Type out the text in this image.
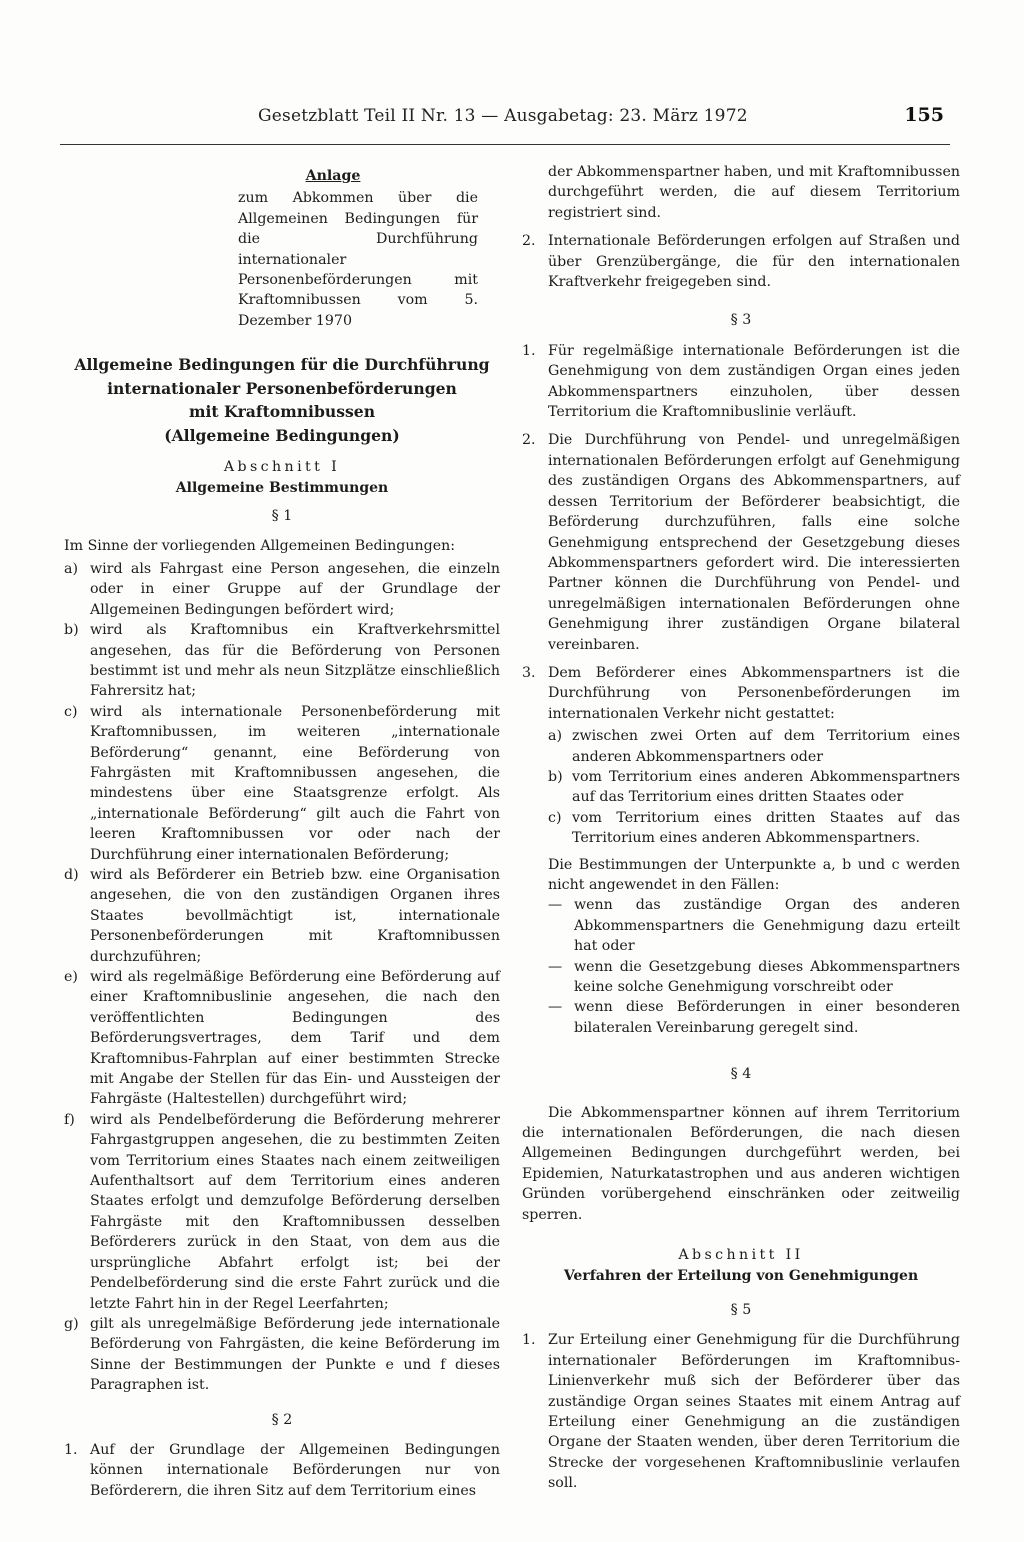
Gesetzblatt Teil II Nr. 13 — Ausgabetag: 23. März 1972	155

Anlage

zum Abkommen über die Allgemeinen Bedingungen für die Durchführung internationaler Personenbeförderungen mit Kraftomnibussen vom 5. Dezember 1970

Allgemeine Bedingungen für die Durchführung
internationaler Personenbeförderungen
mit Kraftomnibussen
(Allgemeine Bedingungen)

Abschnitt I

Allgemeine Bestimmungen

§ 1

Im Sinne der vorliegenden Allgemeinen Bedingungen:

a) wird als Fahrgast eine Person angesehen, die einzeln oder in einer Gruppe auf der Grundlage der Allgemeinen Bedingungen befördert wird;
b) wird als Kraftomnibus ein Kraftverkehrsmittel angesehen, das für die Beförderung von Personen bestimmt ist und mehr als neun Sitzplätze einschließlich Fahrersitz hat;
c) wird als internationale Personenbeförderung mit Kraftomnibussen, im weiteren „internationale Beförderung“ genannt, eine Beförderung von Fahrgästen mit Kraftomnibussen angesehen, die mindestens über eine Staatsgrenze erfolgt. Als „internationale Beförderung“ gilt auch die Fahrt von leeren Kraftomnibussen vor oder nach der Durchführung einer internationalen Beförderung;
d) wird als Beförderer ein Betrieb bzw. eine Organisation angesehen, die von den zuständigen Organen ihres Staates bevollmächtigt ist, internationale Personenbeförderungen mit Kraftomnibussen durchzuführen;
e) wird als regelmäßige Beförderung eine Beförderung auf einer Kraftomnibuslinie angesehen, die nach den veröffentlichten Bedingungen des Beförderungsvertrages, dem Tarif und dem Kraftomnibus-Fahrplan auf einer bestimmten Strecke mit Angabe der Stellen für das Ein- und Aussteigen der Fahrgäste (Haltestellen) durchgeführt wird;
f)	wird als Pendelbeförderung die Beförderung mehrerer Fahrgastgruppen angesehen, die zu bestimmten Zeiten vom Territorium eines Staates nach einem zeitweiligen Aufenthaltsort auf dem Territorium eines anderen Staates erfolgt und demzufolge Beförderung derselben Fahrgäste mit den Kraftomnibussen desselben Beförderers zurück in den Staat, von dem aus die ursprüngliche Abfahrt erfolgt ist; bei der Pendelbeförderung sind die erste Fahrt zurück und die letzte Fahrt hin in der Regel Leerfahrten;
g) gilt als unregelmäßige Beförderung jede internationale Beförderung von Fahrgästen, die keine Beförderung im Sinne der Bestimmungen der Punkte e und f dieses Paragraphen ist.

§ 2

1. Auf der Grundlage der Allgemeinen Bedingungen können internationale Beförderungen nur von Beförderern, die ihren Sitz auf dem Territorium eines

der Abkommenspartner haben, und mit Kraftomnibussen durchgeführt werden, die auf diesem Territorium registriert sind.

2. Internationale Beförderungen erfolgen auf Straßen und über Grenzübergänge, die für den internationalen Kraftverkehr freigegeben sind.

§ 3

1. Für regelmäßige internationale Beförderungen ist die Genehmigung von dem zuständigen Organ eines jeden Abkommenspartners einzuholen, über dessen Territorium die Kraftomnibuslinie verläuft.
2. Die Durchführung von Pendel- und unregelmäßigen internationalen Beförderungen erfolgt auf Genehmigung des zuständigen Organs des Abkommenspartners, auf dessen Territorium der Beförderer beabsichtigt, die Beförderung durchzuführen, falls eine solche Genehmigung entsprechend der Gesetzgebung dieses Abkommenspartners gefordert wird. Die interessierten Partner können die Durchführung von Pendel- und unregelmäßigen internationalen Beförderungen ohne Genehmigung ihrer zuständigen Organe bilateral vereinbaren.
3. Dem Beförderer eines Abkommenspartners ist die Durchführung von Personenbeförderungen im internationalen Verkehr nicht gestattet:
a) zwischen zwei Orten auf dem Territorium eines anderen Abkommenspartners oder
b) vom Territorium eines anderen Abkommenspartners auf das Territorium eines dritten Staates oder
c) vom Territorium eines dritten Staates auf das Territorium eines anderen Abkommenspartners.

Die Bestimmungen der Unterpunkte a, b und c werden nicht angewendet in den Fällen:

— wenn das zuständige Organ des anderen Abkommenspartners die Genehmigung dazu erteilt hat oder
— wenn die Gesetzgebung dieses Abkommenspartners keine solche Genehmigung vorschreibt oder
— wenn diese Beförderungen in einer besonderen bilateralen Vereinbarung geregelt sind.

§ 4

Die Abkommenspartner können auf ihrem Territorium die internationalen Beförderungen, die nach diesen Allgemeinen Bedingungen durchgeführt werden, bei Epidemien, Naturkatastrophen und aus anderen wichtigen Gründen vorübergehend einschränken oder zeitweilig sperren.

Abschnitt II

Verfahren der Erteilung von Genehmigungen

§ 5

1. Zur Erteilung einer Genehmigung für die Durchführung internationaler Beförderungen im Kraftomnibus-Linienverkehr muß sich der Beförderer über das zuständige Organ seines Staates mit einem Antrag auf Erteilung einer Genehmigung an die zuständigen Organe der Staaten wenden, über deren Territorium die Strecke der vorgesehenen Kraftomnibuslinie verlaufen soll.
